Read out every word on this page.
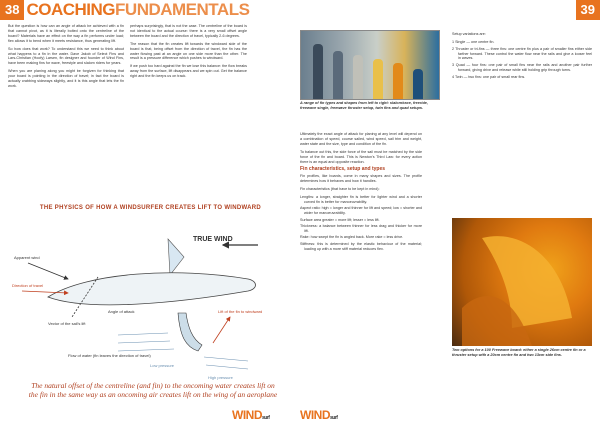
38 COACHINGFUNDAMENTALS	39

But the question is how can an angle of attack be achieved with a fin that cannot pivot, as it is literally bolted onto the centreline of the board? Materials have an effect on the way a fin performs under load; flex allows it to bend when it meets resistance, thus generating lift.

So how does that work? To understand this we need to think about what happens to a fin in the water. Dave Jakob of Select Fins and Lars-Christian (Hoofy) Larsen, fin designer and founder of Wind Fins, have been making fins for wave, freestyle and slalom riders for years.

When you are planing along you might be forgiven for thinking that your board is pointing in the direction of travel; in fact the board is actually crabbing sideways slightly, and it is this angle that lets the fin work.

perhaps surprisingly, that is not the case. The centreline of the board is not identical to the actual course: there is a very small offset angle between the board and the direction of travel, typically 2-6 degrees.

The reason that the fin creates lift towards the windward side of the board is that, being offset from the direction of travel, the fin has the water flowing past at an angle on one side more than the other. The result is a pressure difference which pushes to windward.

If we push too hard against the fin we lose this balance: the flow breaks away from the surface, lift disappears and we spin out. Get the balance right and the fin keeps us on track.

THE PHYSICS OF HOW A WINDSURFER CREATES LIFT TO WINDWARD
TRUE WIND
Apparent wind
Direction of travel
Vector of the sail's lift
Angle of attack	Lift of the fin to windward
Flow of water (fin leaves the direction of travel)
Low pressure
High pressure
The natural offset of the centreline (and fin) to the oncoming water creates lift on the fin in the same way as an oncoming air creates lift on the wing of an aeroplane
A range of fin types and shapes from left to right: slalom/race, freeride, freewave single, freewave thruster setup, twin fins and quad setups.

Ultimately the exact angle of attack for planing at any level will depend on a combination of speed, course sailed, wind speed, sail trim and weight, water state and the size, type and condition of the fin.

To balance out this, the side force of the sail must be matched by the side force of the fin and board. This is Newton's Third Law: for every action there is an equal and opposite reaction.

Fin characteristics, setup and types

Fin profiles, like boards, come in many shapes and sizes. The profile determines how it behaves and how it handles.

Fin characteristics (that have to be kept in mind):

Lengths: a longer, straighter fin is better for lighter wind and a shorter curved fin is better for manoeuvrability.
Aspect ratio: high = longer and thinner for lift and speed; low = shorter and wider for manoeuvrability.
Surface area greater = more lift; lesser = less lift.
Thickness: a balance between thinner for less drag and thicker for more lift.
Rake: how swept the fin is angled back. More rake = less drive.
Stiffness: this is determined by the elastic behaviour of the material; loading up with a more stiff material reduces flex.

Setup variations are:

1 Single — one centre fin.
2 Thruster or tri-fins — three fins: one centre fin plus a pair of smaller fins either side farther forward. These control the water flow near the rails and give a looser feel in waves.
3 Quad — four fins: one pair of small fins near the rails and another pair further forward, giving drive and release while still holding grip through turns.
4 Twin — two fins: one pair of small rear fins.
Two options for a 100 Freewave board: either a single 26cm centre fin or a thruster setup with a 20cm centre fin and two 13cm side fins.
WINDsurf	WINDsurf
